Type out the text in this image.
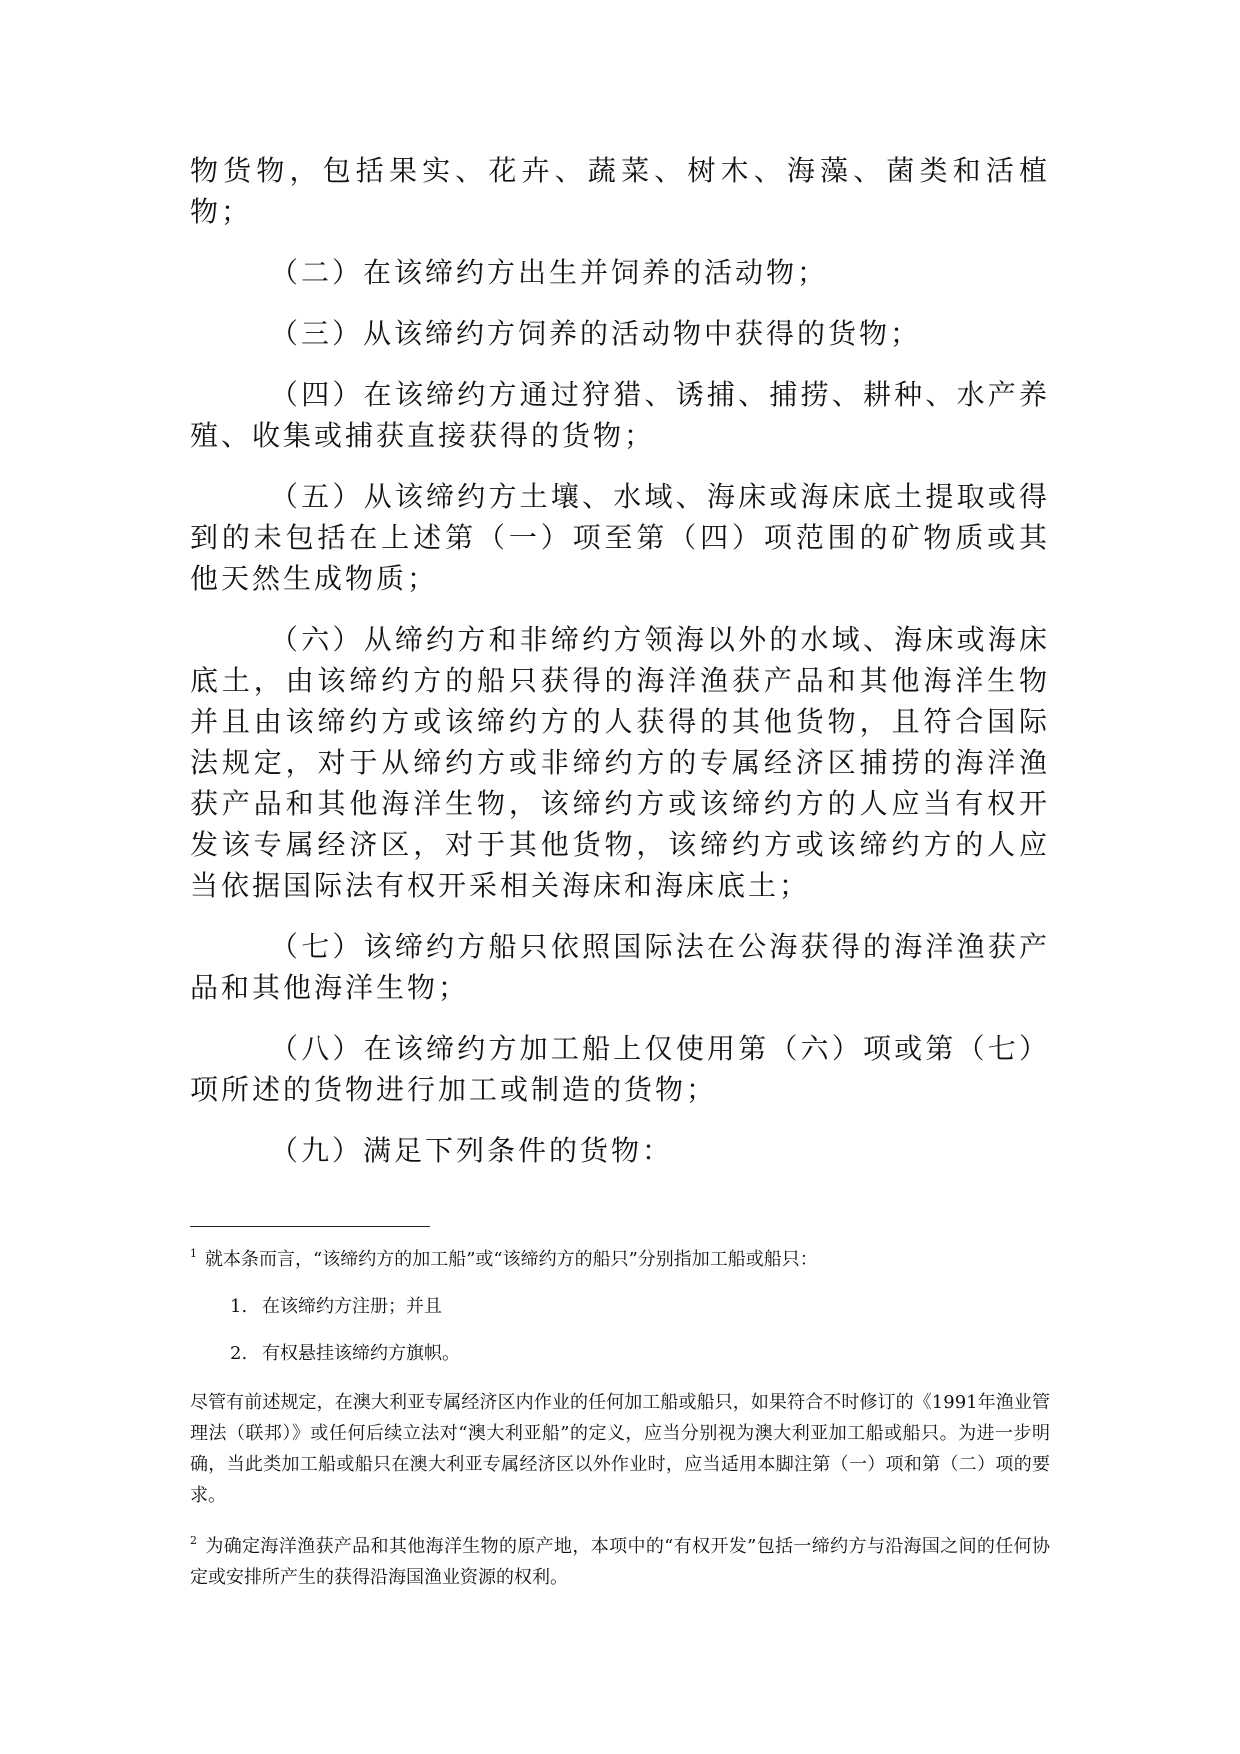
物货物，包括果实、花卉、蔬菜、树木、海藻、菌类和活植物；

（二）在该缔约方出生并饲养的活动物；

（三）从该缔约方饲养的活动物中获得的货物；

（四）在该缔约方通过狩猎、诱捕、捕捞、耕种、水产养殖、收集或捕获直接获得的货物；

（五）从该缔约方土壤、水域、海床或海床底土提取或得到的未包括在上述第（一）项至第（四）项范围的矿物质或其他天然生成物质；

（六）从缔约方和非缔约方领海以外的水域、海床或海床底土，由该缔约方的船只获得的海洋渔获产品和其他海洋生物并且由该缔约方或该缔约方的人获得的其他货物，且符合国际法规定，对于从缔约方或非缔约方的专属经济区捕捞的海洋渔获产品和其他海洋生物，该缔约方或该缔约方的人应当有权开发该专属经济区，对于其他货物，该缔约方或该缔约方的人应当依据国际法有权开采相关海床和海床底土；

（七）该缔约方船只依照国际法在公海获得的海洋渔获产品和其他海洋生物；

（八）在该缔约方加工船上仅使用第（六）项或第（七）项所述的货物进行加工或制造的货物；

（九）满足下列条件的货物：

$^1$ 就本条而言，“该缔约方的加工船”或“该缔约方的船只”分别指加工船或船只：

1. 在该缔约方注册；并且

2. 有权悬挂该缔约方旗帜。

尽管有前述规定，在澳大利亚专属经济区内作业的任何加工船或船只，如果符合不时修订的《1991年渔业管理法（联邦）》或任何后续立法对“澳大利亚船”的定义，应当分别视为澳大利亚加工船或船只。为进一步明确，当此类加工船或船只在澳大利亚专属经济区以外作业时，应当适用本脚注第（一）项和第（二）项的要求。

$^2$ 为确定海洋渔获产品和其他海洋生物的原产地，本项中的“有权开发”包括一缔约方与沿海国之间的任何协定或安排所产生的获得沿海国渔业资源的权利。
